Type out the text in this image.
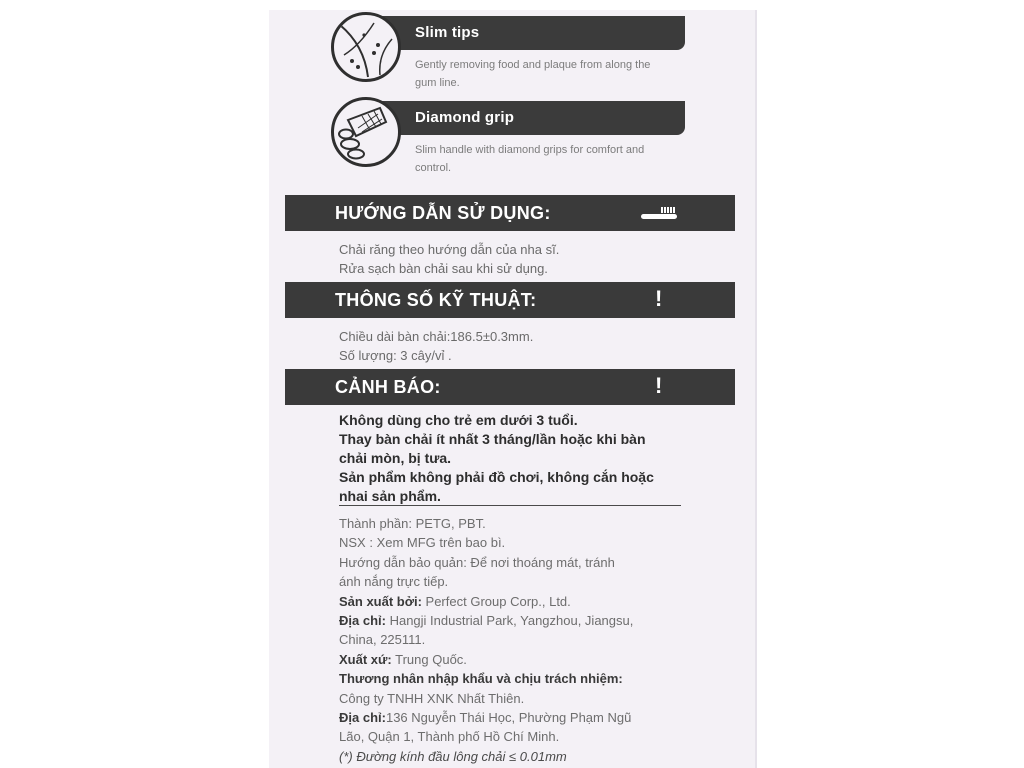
Slim tips
Gently removing food and plaque from along the
gum line.
Diamond grip
Slim handle with diamond grips for comfort and
control.
HƯỚNG DẪN SỬ DỤNG:
Chải răng theo hướng dẫn của nha sĩ.
Rửa sạch bàn chải sau khi sử dụng.
THÔNG SỐ KỸ THUẬT:	!
Chiều dài bàn chải:186.5±0.3mm.
Số lượng: 3 cây/vỉ .
CẢNH BÁO:	!
Không dùng cho trẻ em dưới 3 tuổi.
Thay bàn chải ít nhất 3 tháng/lần hoặc khi bàn
chải mòn, bị tưa.
Sản phẩm không phải đồ chơi, không cắn hoặc
nhai sản phẩm.
Thành phần: PETG, PBT.
NSX : Xem MFG trên bao bì.
Hướng dẫn bảo quản: Để nơi thoáng mát, tránh
ánh nắng trực tiếp.
Sản xuất bởi: Perfect Group Corp., Ltd.
Địa chỉ: Hangji Industrial Park, Yangzhou, Jiangsu,
China, 225111.
Xuất xứ: Trung Quốc.
Thương nhân nhập khẩu và chịu trách nhiệm:
Công ty TNHH XNK Nhất Thiên.
Địa chỉ:136 Nguyễn Thái Học, Phường Phạm Ngũ
Lão, Quận 1, Thành phố Hồ Chí Minh.
(*) Đường kính đầu lông chải ≤ 0.01mm
